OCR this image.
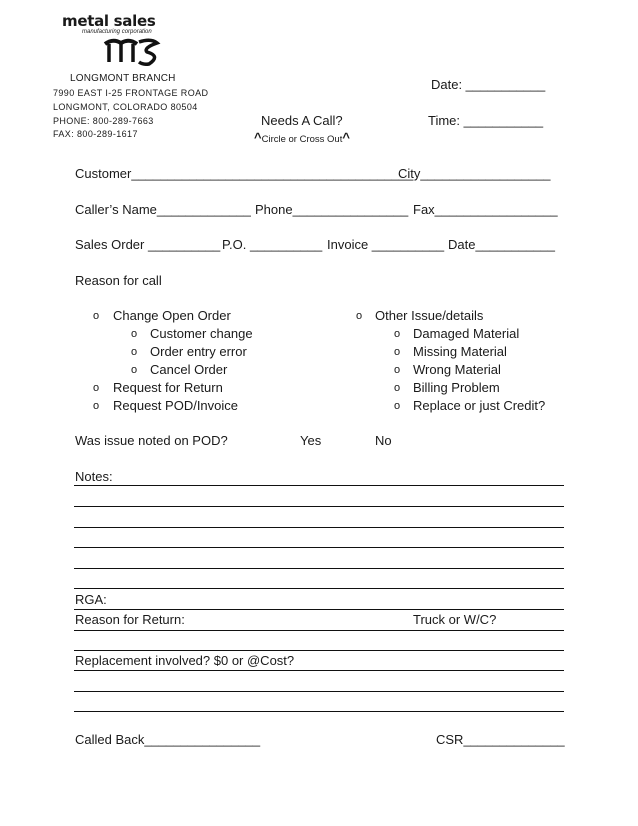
metal sales
manufacturing corporation
LONGMONT BRANCH
7990 EAST I-25 FRONTAGE ROAD
LONGMONT, COLORADO 80504
PHONE: 800-289-7663
FAX: 800-289-1617
Date: ___________
Time: ___________
Needs A Call?
^Circle or Cross Out^
Customer_______________________________________
City__________________
Caller’s Name_____________ Phone________________ Fax_________________
Sales Order __________ P.O. __________ Invoice __________ Date___________
Reason for call
o Change Open Order
o Customer change
o Order entry error
o Cancel Order
o Request for Return
o Request POD/Invoice
o Other Issue/details
o Damaged Material
o Missing Material
o Wrong Material
o Billing Problem
o Replace or just Credit?
Was issue noted on POD?	Yes	No
Notes:
RGA:
Reason for Return:	Truck or W/C?
Replacement involved? $0 or @Cost?
Called Back________________	CSR______________
